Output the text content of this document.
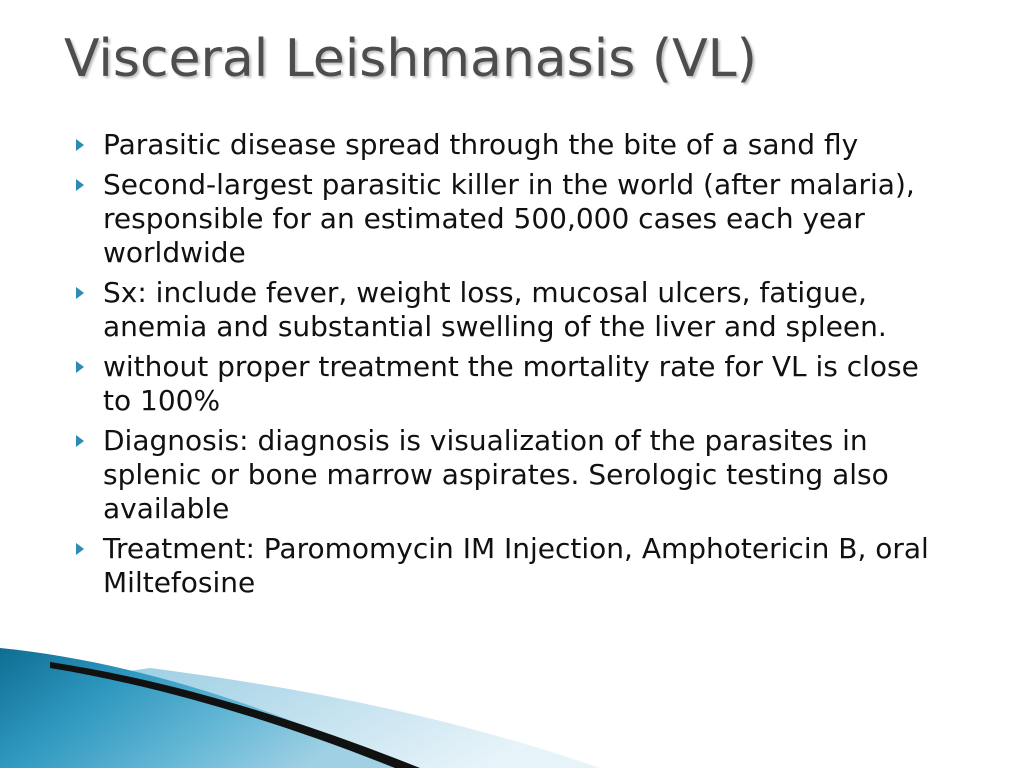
Visceral Leishmanasis (VL)
Parasitic disease spread through the bite of a sand fly
Second-largest parasitic killer in the world (after malaria), responsible for an estimated 500,000 cases each year worldwide
Sx: include fever, weight loss, mucosal ulcers, fatigue, anemia and substantial swelling of the liver and spleen.
without proper treatment the mortality rate for VL is close to 100%
Diagnosis: diagnosis is visualization of the parasites in splenic or bone marrow aspirates. Serologic testing also available
Treatment: Paromomycin IM Injection, Amphotericin B, oral Miltefosine
